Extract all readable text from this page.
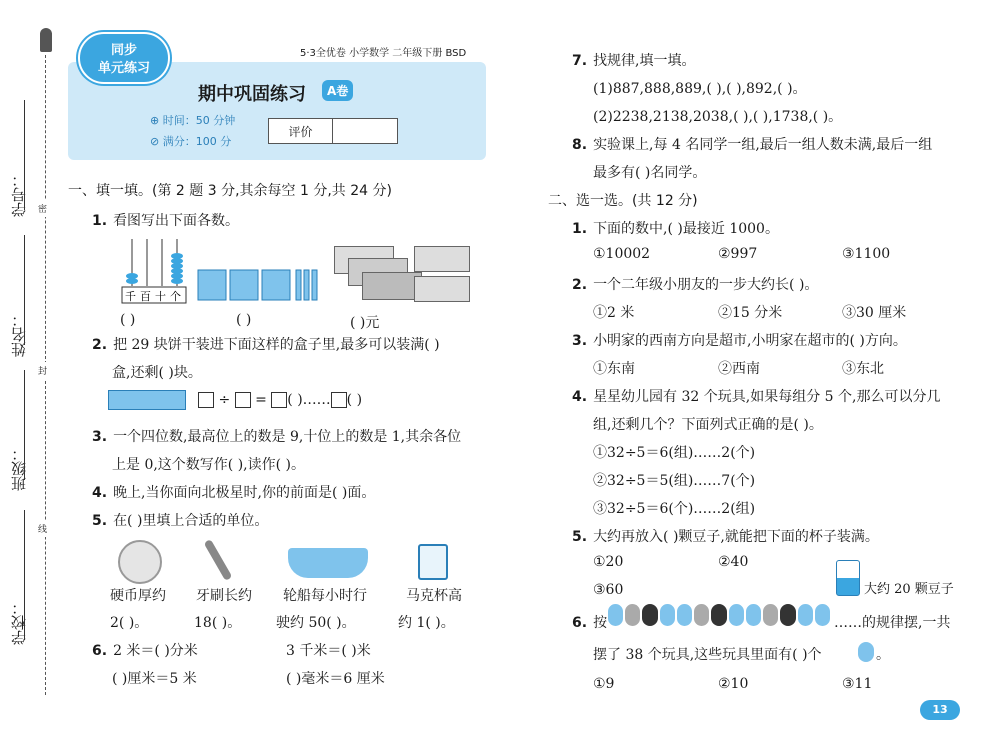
学号：
姓名：
班级：
学校：
密
封
线
同步
单元练习
5·3全优卷 小学数学 二年级下册 BSD
期中巩固练习	A卷
⊕ 时间：50 分钟
⊘ 满分：100 分
评价
一、填一填。(第 2 题 3 分,其余每空 1 分,共 24 分)
1. 看图写出下面各数。
千百十个
( )	( )	( )元
2. 把 29 块饼干装进下面这样的盒子里,最多可以装满( )
盒,还剩( )块。
÷ = ( )…… ( )
3. 一个四位数,最高位上的数是 9,十位上的数是 1,其余各位
上是 0,这个数写作( ),读作( )。
4. 晚上,当你面向北极星时,你的前面是( )面。
5. 在( )里填上合适的单位。
硬币厚约 牙刷长约 轮船每小时行	马克杯高
2( )。	18( )。 驶约 50( )。	约 1( )。
6. 2 米＝( )分米	3 千米＝( )米
( )厘米＝5 米	( )毫米＝6 厘米
7. 找规律,填一填。
(1)887,888,889,( ),( ),892,( )。
(2)2238,2138,2038,( ),( ),1738,( )。
8. 实验课上,每 4 名同学一组,最后一组人数未满,最后一组
最多有( )名同学。
二、选一选。(共 12 分)
1. 下面的数中,( )最接近 1000。
①10002	②997	③1100
2. 一个二年级小朋友的一步大约长( )。
①2 米	②15 分米	③30 厘米
3. 小明家的西南方向是超市,小明家在超市的( )方向。
①东南	②西南	③东北
4. 星星幼儿园有 32 个玩具,如果每组分 5 个,那么可以分几
组,还剩几个？下面列式正确的是( )。
①32÷5＝6(组)……2(个)
②32÷5＝5(组)……7(个)
③32÷5＝6(个)……2(组)
5. 大约再放入( )颗豆子,就能把下面的杯子装满。
①20	②40
③60	大约 20 颗豆子
6. 按	……的规律摆,一共
摆了 38 个玩具,这些玩具里面有( )个	。
①9	②10	③11
13
